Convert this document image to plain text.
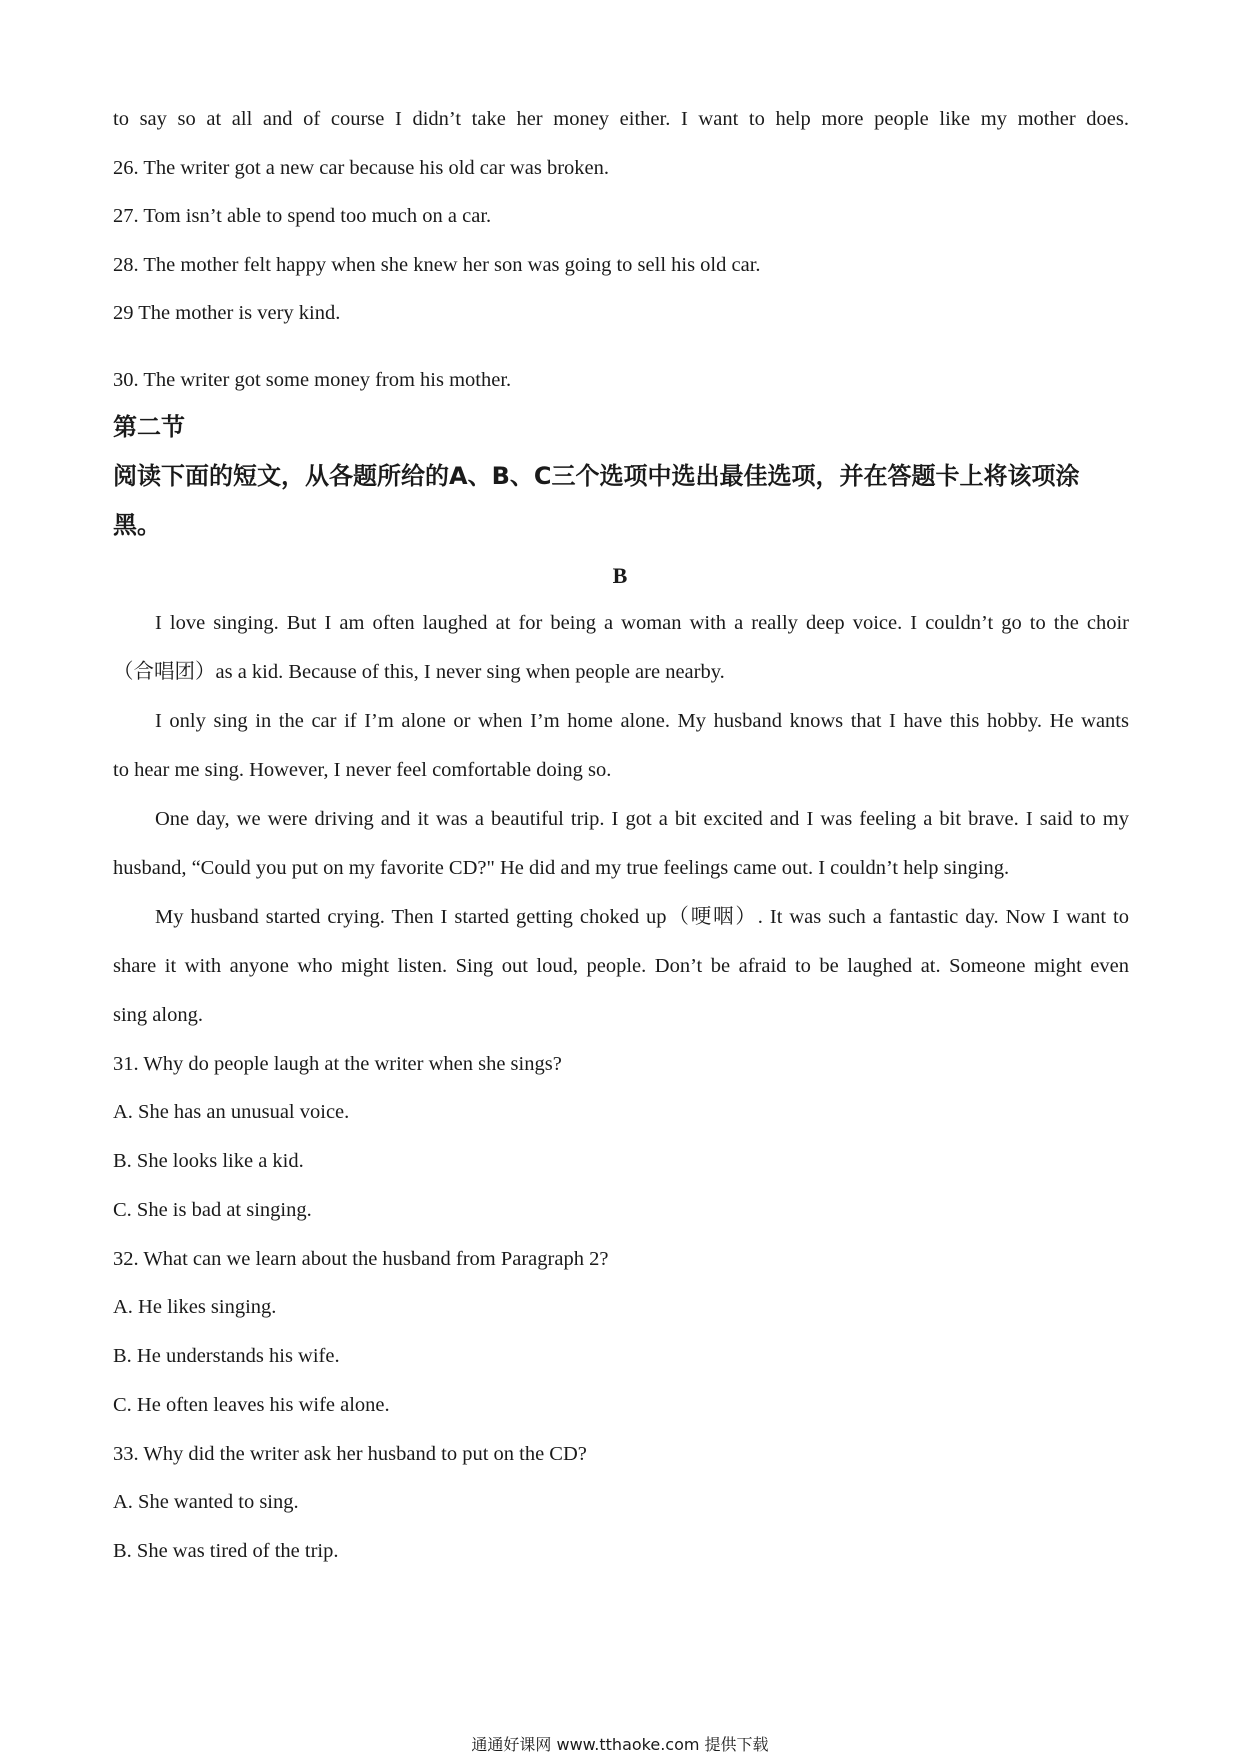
to say so at all and of course I didn’t take her money either. I want to help more people like my mother does.
26. The writer got a new car because his old car was broken.
27. Tom isn’t able to spend too much on a car.
28. The mother felt happy when she knew her son was going to sell his old car.
29 The mother is very kind.
30. The writer got some money from his mother.
第二节
阅读下面的短文，从各题所给的A、B、C三个选项中选出最佳选项，并在答题卡上将该项涂
黑。
B
I love singing. But I am often laughed at for being a woman with a really deep voice. I couldn’t go to the choir
（合唱团）as a kid. Because of this, I never sing when people are nearby.
I only sing in the car if I’m alone or when I’m home alone. My husband knows that I have this hobby. He wants
to hear me sing. However, I never feel comfortable doing so.
One day, we were driving and it was a beautiful trip. I got a bit excited and I was feeling a bit brave. I said to my
husband, “Could you put on my favorite CD?" He did and my true feelings came out. I couldn’t help singing.
My husband started crying. Then I started getting choked up（哽咽）. It was such a fantastic day. Now I want to
share it with anyone who might listen. Sing out loud, people. Don’t be afraid to be laughed at. Someone might even
sing along.
31. Why do people laugh at the writer when she sings?
A. She has an unusual voice.
B. She looks like a kid.
C. She is bad at singing.
32. What can we learn about the husband from Paragraph 2?
A. He likes singing.
B. He understands his wife.
C. He often leaves his wife alone.
33. Why did the writer ask her husband to put on the CD?
A. She wanted to sing.
B. She was tired of the trip.
通通好课网 www.tthaoke.com 提供下载
